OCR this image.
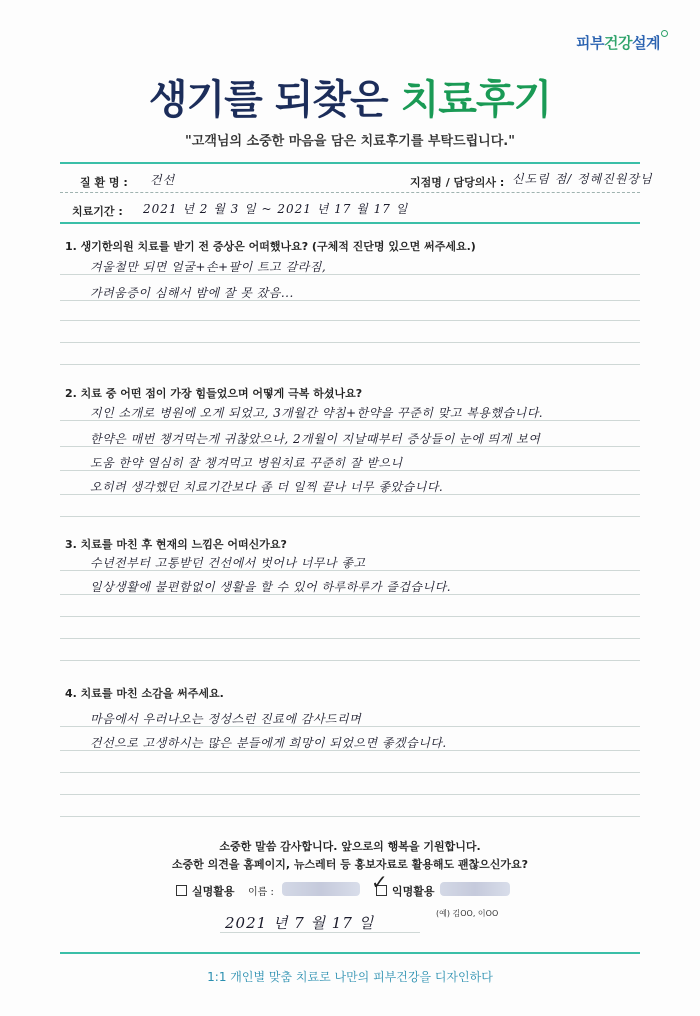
피부건강설계
생기를 되찾은 치료후기
"고객님의 소중한 마음을 담은 치료후기를 부탁드립니다."
질 환 명 : 건선	지점명 / 담당의사 : 신도림 점/ 정혜진원장님
치료기간 : 2021 년 2 월 3 일 ~ 2021 년 17 월 17 일
1. 생기한의원 치료를 받기 전 증상은 어떠했나요? (구체적 진단명 있으면 써주세요.)
겨울철만 되면 얼굴+손+팔이 트고 갈라짐,
가려움증이 심해서 밤에 잘 못 잤음...
2. 치료 중 어떤 점이 가장 힘들었으며 어떻게 극복 하셨나요?
지인 소개로 병원에 오게 되었고, 3개월간 약침+한약을 꾸준히 맞고 복용했습니다.
한약은 매번 챙겨먹는게 귀찮았으나, 2개월이 지날때부터 증상들이 눈에 띄게 보여
도움 한약 열심히 잘 챙겨먹고 병원치료 꾸준히 잘 받으니
오히려 생각했던 치료기간보다 좀 더 일찍 끝나 너무 좋았습니다.
3. 치료를 마친 후 현재의 느낌은 어떠신가요?
수년전부터 고통받던 건선에서 벗어나 너무나 좋고
일상생활에 불편함없이 생활을 할 수 있어 하루하루가 즐겁습니다.
4. 치료를 마친 소감을 써주세요.
마음에서 우러나오는 정성스런 진료에 감사드리며
건선으로 고생하시는 많은 분들에게 희망이 되었으면 좋겠습니다.
소중한 말씀 감사합니다. 앞으로의 행복을 기원합니다.
소중한 의견을 홈페이지, 뉴스레터 등 홍보자료로 활용해도 괜찮으신가요?
실명활용 이름 :	✓ 익명활용
2021 년 7 월 17 일
(예) 김OO, 이OO
1:1 개인별 맞춤 치료로 나만의 피부건강을 디자인하다
